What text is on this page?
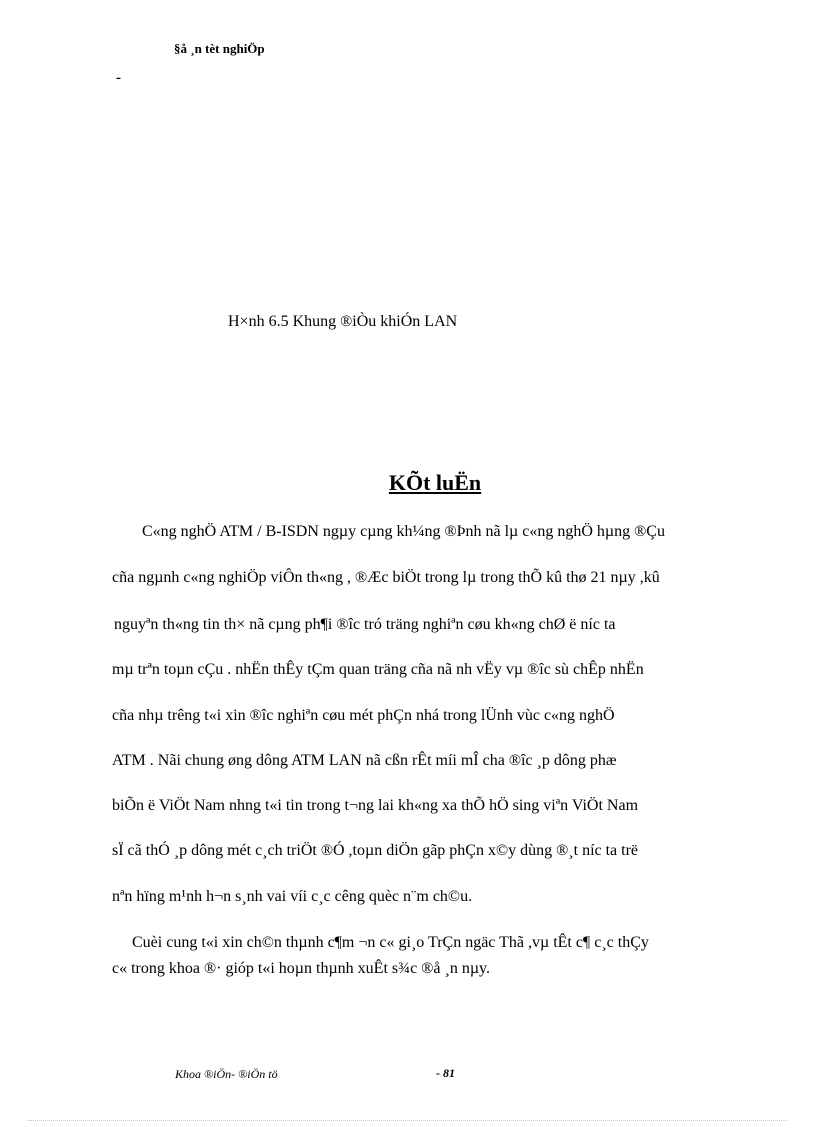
§å ¸n tèt nghiÖp
-
H×nh 6.5 Khung ®iÒu khiÓn LAN
KÕt luËn
C«ng nghÖ ATM / B-ISDN ngµy cµng kh¼ng ®Þnh nã lµ c«ng nghÖ hµng ®Çu
cña ngµnh c«ng nghiÖp viÔn th«ng , ®Æc biÖt trong lµ trong thÕ kû thø 21 nµy ,kû
nguyªn th«ng tin th× nã cµng ph¶i ®îc tró träng nghiªn cøu kh«ng chØ ë níc ta
mµ trªn toµn cÇu . nhËn thÊy tÇm quan träng cña nã nh vËy vµ ®îc sù chÊp nhËn
cña nhµ trêng t«i xin ®îc nghiªn cøu mét phÇn nhá trong lÜnh vùc c«ng nghÖ
ATM . Nãi chung øng dông ATM LAN nã cßn rÊt míi mÎ cha ®îc ¸p dông phæ
biÕn ë ViÖt Nam nhng t«i tin trong t¬ng lai kh«ng xa thÕ hÖ sing viªn ViÖt Nam
sÏ cã thÓ ¸p dông mét c¸ch triÖt ®Ó ,toµn diÖn gãp phÇn x©y dùng ®¸t níc ta trë
nªn hïng m¹nh h¬n s¸nh vai víi c¸c cêng quèc n¨m ch©u.
Cuèi cung t«i xin ch©n thµnh c¶m ¬n c« gi¸o TrÇn ngäc Thã ,vµ tÊt c¶ c¸c thÇy
c« trong khoa ®· gióp t«i hoµn thµnh xuÊt s¾c ®å ¸n nµy.
Khoa ®iÖn- ®iÖn tö	- 81
